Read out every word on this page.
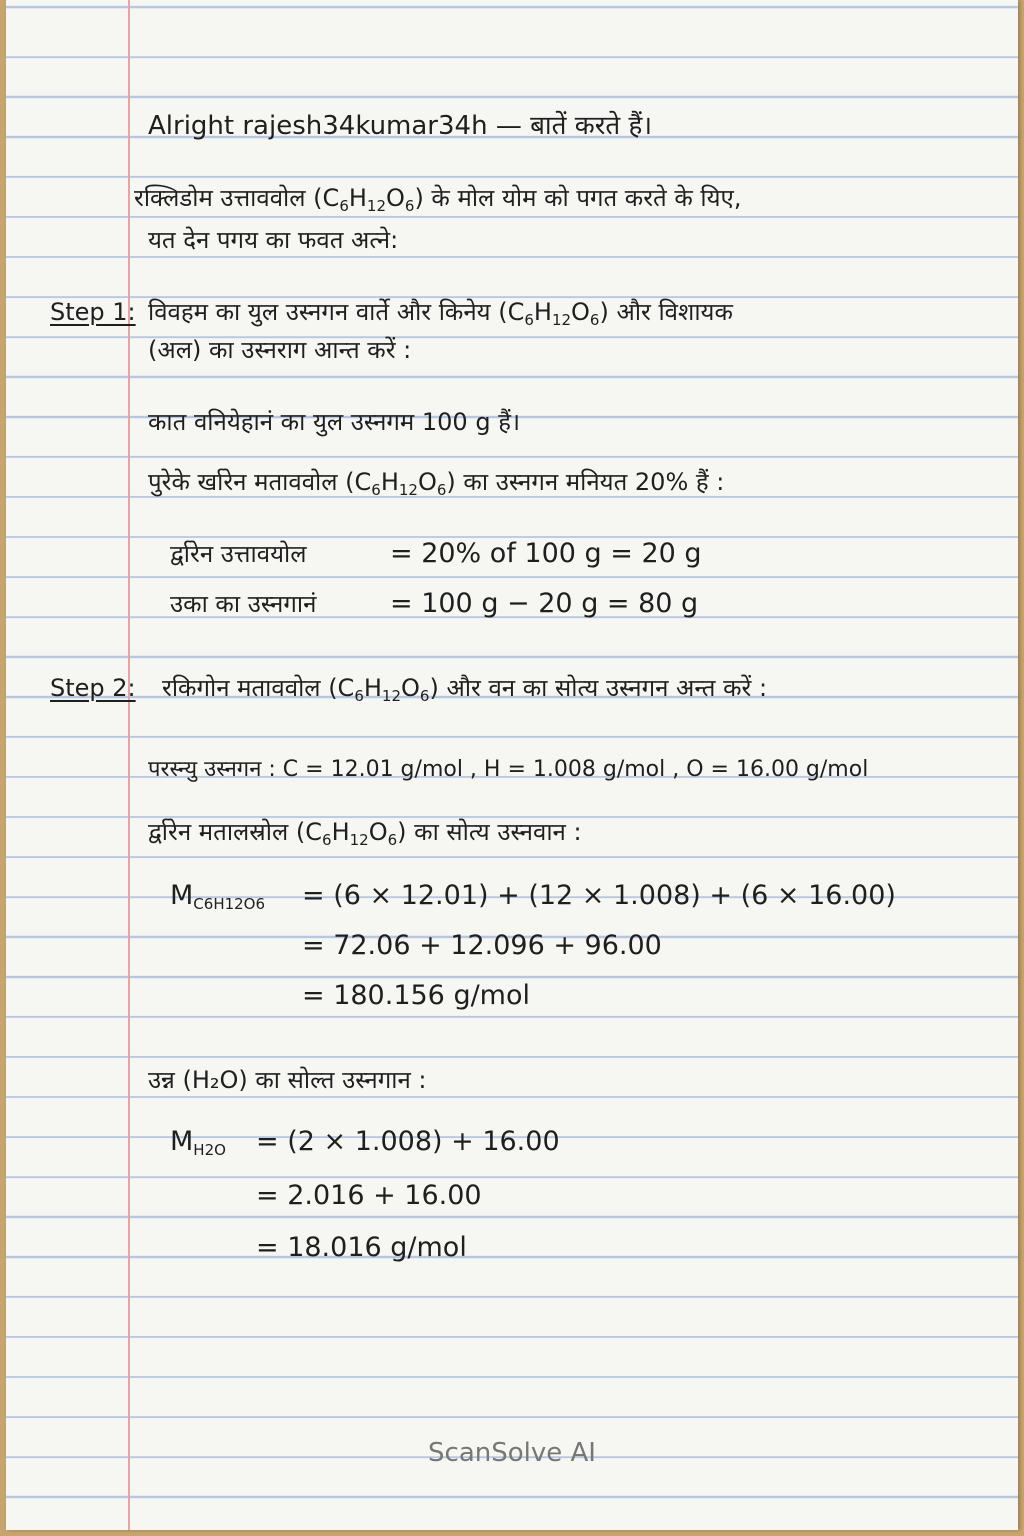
Alright rajesh34kumar34h — बातें करते हैं।
रक्लिडोम उत्ताववोल $(C_6H_{12}O_6)$ के मोल योम को पगत करते के यिए,
यत देन पगय का फवत अत्ने:
Step 1: विवहम का युल उस्नगन वार्ते और किनेय $(C_6H_{12}O_6)$ और विशायक
(अल) का उस्नराग आन्त करें :
कात वनियेहानं का युल उस्नगम 100 g हैं।
पुरेके र्खारेन मताववोल $(C_6H_{12}O_6)$ का उस्नगन मनियत 20% हैं :
र्द्वारेन उत्तावयोल	= 20% of 100 g = 20 g
उका का उस्नगानं	= 100 g − 20 g = 80 g
Step 2: रकिगोन मताववोल $(C_6H_{12}O_6)$ और वन का सोत्य उस्नगन अन्त करें :
परस्न्यु उस्नगन : C = 12.01 g/mol , H = 1.008 g/mol , O = 16.00 g/mol
र्द्वारेन मतालस्रोल $(C_6H_{12}O_6)$ का सोत्य उस्नवान :
$M_{C6H12O6} = (6 \times 12.01) + (12 \times 1.008) + (6 \times 16.00)$
= 72.06 + 12.096 + 96.00
= 180.156 g/mol
उन्न (H₂O) का सोल्त उस्नगान :
$M_{H2O} = (2 \times 1.008) + 16.00$
= 2.016 + 16.00
= 18.016 g/mol
ScanSolve AI
